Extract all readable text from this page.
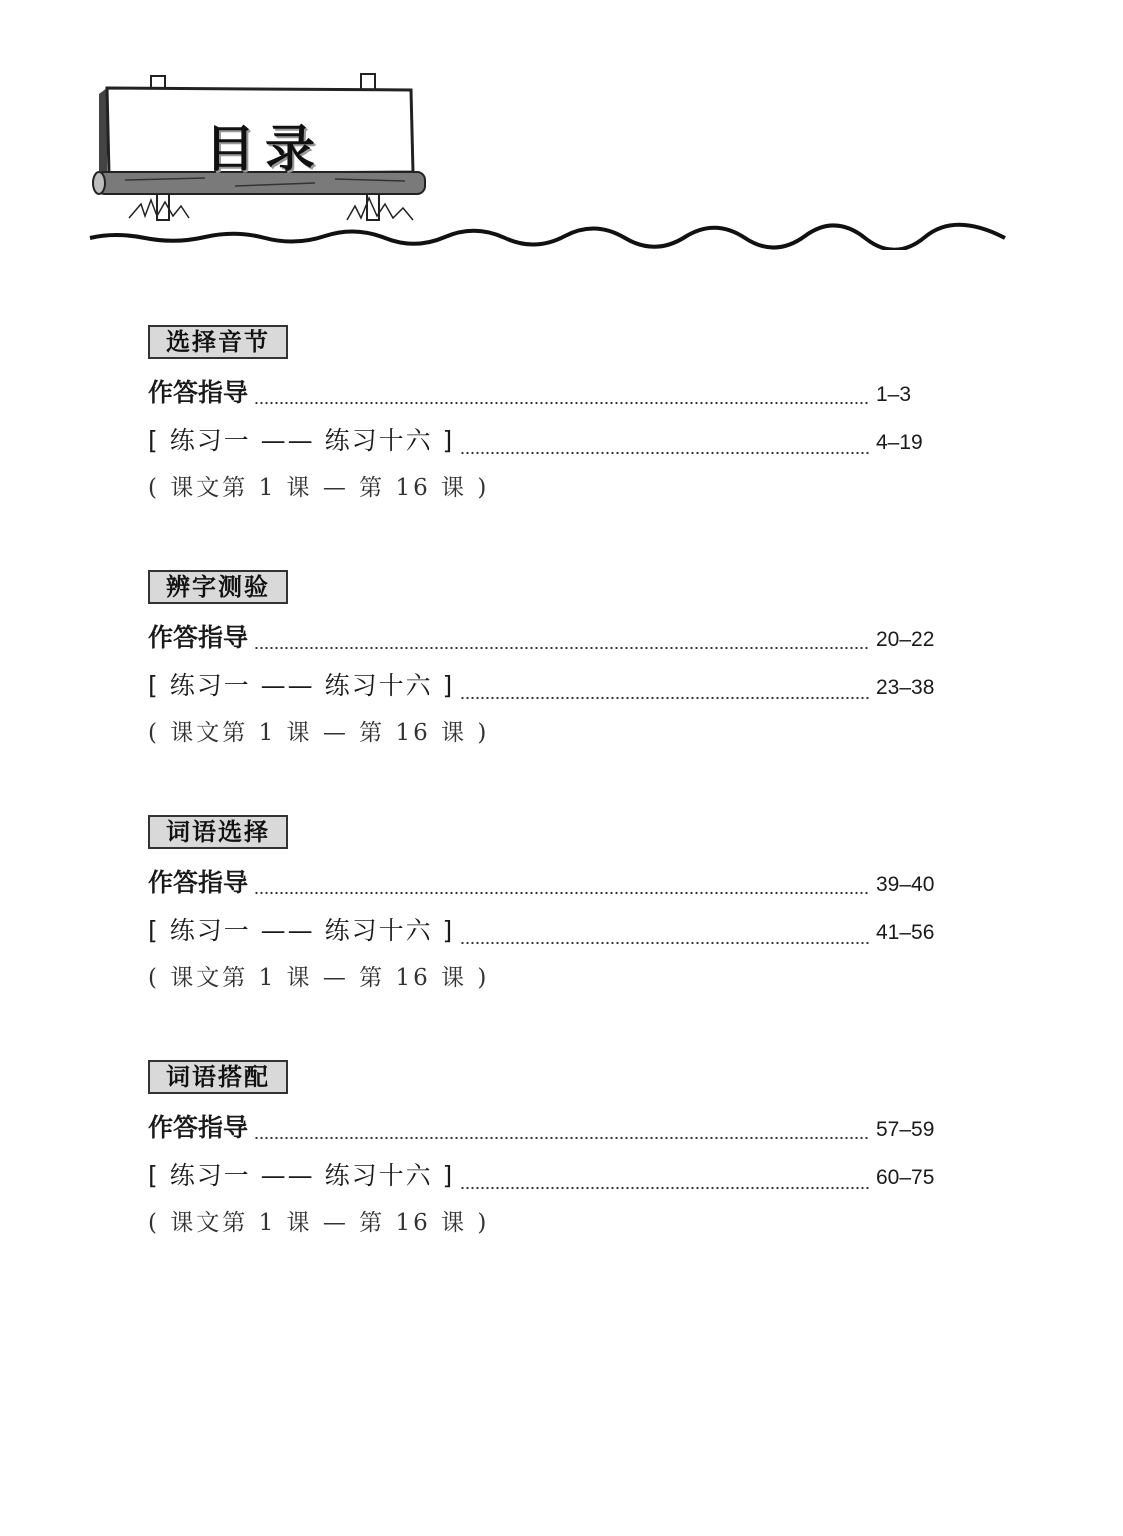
目录
选择音节
作答指导	1–3
[ 练习一 —— 练习十六 ]	4–19
( 课文第 1 课 — 第 16 课 )
辨字测验
作答指导	20–22
[ 练习一 —— 练习十六 ]	23–38
( 课文第 1 课 — 第 16 课 )
词语选择
作答指导	39–40
[ 练习一 —— 练习十六 ]	41–56
( 课文第 1 课 — 第 16 课 )
词语搭配
作答指导	57–59
[ 练习一 —— 练习十六 ]	60–75
( 课文第 1 课 — 第 16 课 )
